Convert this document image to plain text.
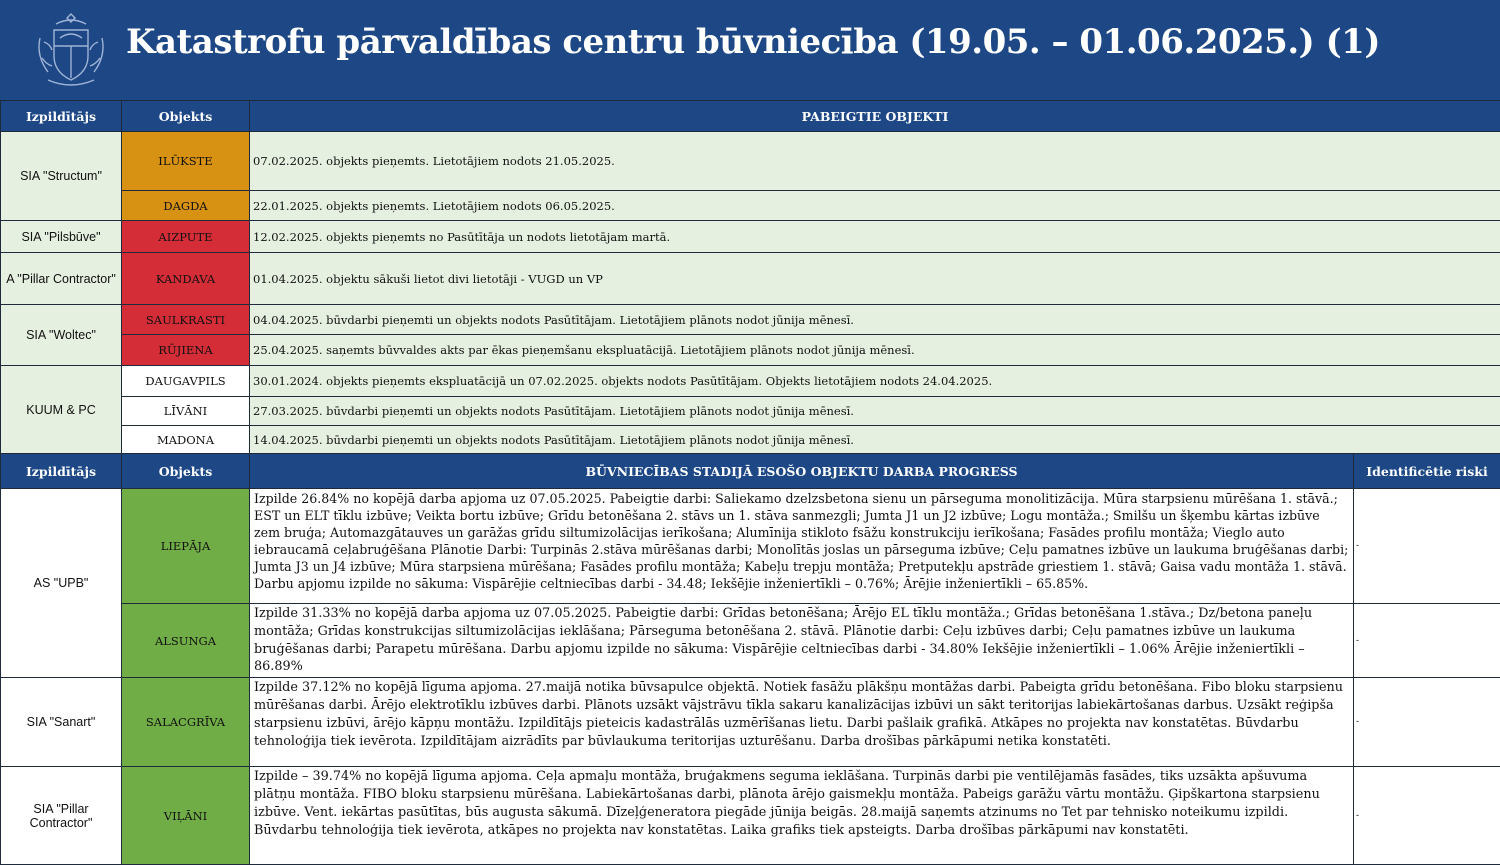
Katastrofu pārvaldības centru būvniecība (19.05. – 01.06.2025.) (1)
Izpildītājs	Objekts	PABEIGTIE OBJEKTI
SIA "Structum"	ILŪKSTE	07.02.2025. objekts pieņemts. Lietotājiem nodots 21.05.2025.
	DAGDA	22.01.2025. objekts pieņemts. Lietotājiem nodots 06.05.2025.
SIA "Pilsbūve"	AIZPUTE	12.02.2025. objekts pieņemts no Pasūtītāja un nodots lietotājam martā.
A "Pillar Contractor"	KANDAVA	01.04.2025. objektu sākuši lietot divi lietotāji - VUGD un VP
SIA "Woltec"	SAULKRASTI	04.04.2025. būvdarbi pieņemti un objekts nodots Pasūtītājam. Lietotājiem plānots nodot jūnija mēnesī.
	RŪJIENA	25.04.2025. saņemts būvvaldes akts par ēkas pieņemšanu ekspluatācijā. Lietotājiem plānots nodot jūnija mēnesī.
KUUM & PC	DAUGAVPILS	30.01.2024. objekts pieņemts ekspluatācijā un 07.02.2025. objekts nodots Pasūtītājam. Objekts lietotājiem nodots 24.04.2025.
	LĪVĀNI	27.03.2025. būvdarbi pieņemti un objekts nodots Pasūtītājam. Lietotājiem plānots nodot jūnija mēnesī.
	MADONA	14.04.2025. būvdarbi pieņemti un objekts nodots Pasūtītājam. Lietotājiem plānots nodot jūnija mēnesī.
Izpildītājs	Objekts	BŪVNIECĪBAS STADIJĀ ESOŠO OBJEKTU DARBA PROGRESS	Identificētie riski
AS "UPB"	LIEPĀJA	Izpilde 26.84% no kopējā darba apjoma uz 07.05.2025. Pabeigtie darbi: Saliekamo dzelzsbetona sienu un pārseguma monolitizācija. Mūra starpsienu mūrēšana 1. stāvā.; EST un ELT tīklu izbūve; Veikta bortu izbūve; Grīdu betonēšana 2. stāvs un 1. stāva sanmezgli; Jumta J1 un J2 izbūve; Logu montāža.; Smilšu un šķembu kārtas izbūve zem bruģa; Automazgātauves un garāžas grīdu siltumizolācijas ierīkošana; Alumīnija stikloto fsāžu konstrukciju ierīkošana; Fasādes profilu montāža; Vieglo auto iebraucamā ceļabruģēšana Plānotie Darbi: Turpinās 2.stāva mūrēšanas darbi; Monolītās joslas un pārseguma izbūve; Ceļu pamatnes izbūve un laukuma bruģēšanas darbi; Jumta J3 un J4 izbūve; Mūra starpsiena mūrēšana; Fasādes profilu montāža; Kabeļu trepju montāža; Pretputekļu apstrāde griestiem 1. stāvā; Gaisa vadu montāža 1. stāvā. Darbu apjomu izpilde no sākuma: Vispārējie celtniecības darbi - 34.48; Iekšējie inženiertīkli – 0.76%; Ārējie inženiertīkli – 65.85%.	-
	ALSUNGA	Izpilde 31.33% no kopējā darba apjoma uz 07.05.2025. Pabeigtie darbi: Grīdas betonēšana; Ārējo EL tīklu montāža.; Grīdas betonēšana 1.stāva.; Dz/betona paneļu montāža; Grīdas konstrukcijas siltumizolācijas ieklāšana; Pārseguma betonēšana 2. stāvā. Plānotie darbi: Ceļu izbūves darbi; Ceļu pamatnes izbūve un laukuma bruģēšanas darbi; Parapetu mūrēšana. Darbu apjomu izpilde no sākuma: Vispārējie celtniecības darbi - 34.80% Iekšējie inženiertīkli – 1.06% Ārējie inženiertīkli – 86.89%	-
SIA "Sanart"	SALACGRĪVA	Izpilde 37.12% no kopējā līguma apjoma. 27.maijā notika būvsapulce objektā. Notiek fasāžu plākšņu montāžas darbi. Pabeigta grīdu betonēšana. Fibo bloku starpsienu mūrēšanas darbi. Ārējo elektrotīklu izbūves darbi. Plānots uzsākt vājstrāvu tīkla sakaru kanalizācijas izbūvi un sākt teritorijas labiekārtošanas darbus. Uzsākt reģipša starpsienu izbūvi, ārējo kāpņu montāžu. Izpildītājs pieteicis kadastrālās uzmērīšanas lietu. Darbi pašlaik grafikā. Atkāpes no projekta nav konstatētas. Būvdarbu tehnoloģija tiek ievērota. Izpildītājam aizrādīts par būvlaukuma teritorijas uzturēšanu. Darba drošības pārkāpumi netika konstatēti.	-
SIA "Pillar Contractor"	VIĻĀNI	Izpilde – 39.74% no kopējā līguma apjoma. Ceļa apmaļu montāža, bruģakmens seguma ieklāšana. Turpinās darbi pie ventilējamās fasādes, tiks uzsākta apšuvuma plātņu montāža. FIBO bloku starpsienu mūrēšana. Labiekārtošanas darbi, plānota ārējo gaismekļu montāža. Pabeigs garāžu vārtu montāžu. Ģipškartona starpsienu izbūve. Vent. iekārtas pasūtītas, būs augusta sākumā. Dīzeļģeneratora piegāde jūnija beigās. 28.maijā saņemts atzinums no Tet par tehnisko noteikumu izpildi. Būvdarbu tehnoloģija tiek ievērota, atkāpes no projekta nav konstatētas. Laika grafiks tiek apsteigts. Darba drošības pārkāpumi nav konstatēti.	-
